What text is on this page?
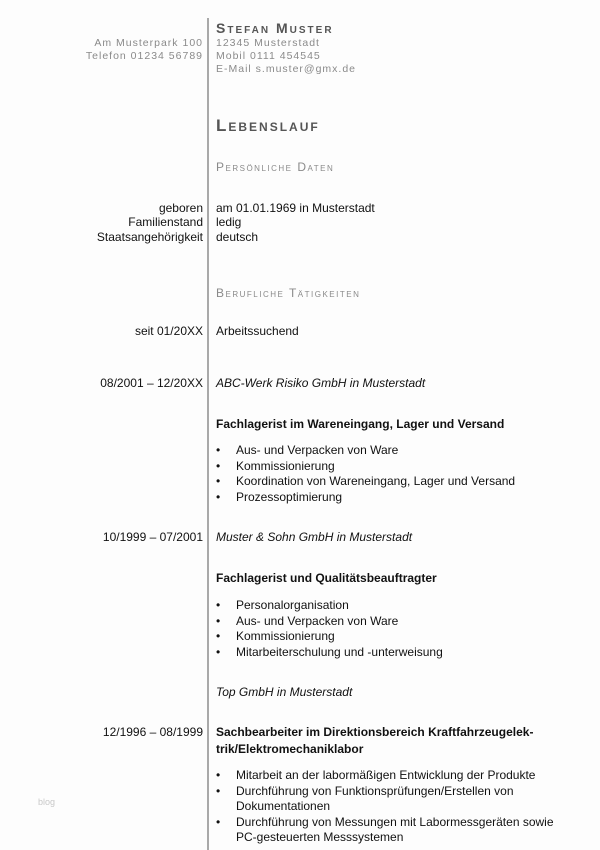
Am Musterpark 100
Telefon 01234 56789
Stefan Muster
12345 Musterstadt
Mobil 0111 454545
E-Mail s.muster@gmx.de
Lebenslauf
Persönliche Daten
geboren am 01.01.1969 in Musterstadt
Familienstand ledig
Staatsangehörigkeit deutsch
Berufliche Tätigkeiten
seit 01/20XX Arbeitssuchend
08/2001 – 12/20XX ABC-Werk Risiko GmbH in Musterstadt
Fachlagerist im Wareneingang, Lager und Versand
• Aus- und Verpacken von Ware
• Kommissionierung
• Koordination von Wareneingang, Lager und Versand
• Prozessoptimierung
10/1999 – 07/2001 Muster & Sohn GmbH in Musterstadt
Fachlagerist und Qualitätsbeauftragter
• Personalorganisation
• Aus- und Verpacken von Ware
• Kommissionierung
• Mitarbeiterschulung und -unterweisung
Top GmbH in Musterstadt
12/1996 – 08/1999 Sachbearbeiter im Direktionsbereich Kraftfahrzeugelek-
trik/Elektromechaniklabor
• Mitarbeit an der labormäßigen Entwicklung der Produkte
• Durchführung von Funktionsprüfungen/Erstellen von
Dokumentationen
• Durchführung von Messungen mit Labormessgeräten sowie
PC-gesteuerten Messsystemen
blog
